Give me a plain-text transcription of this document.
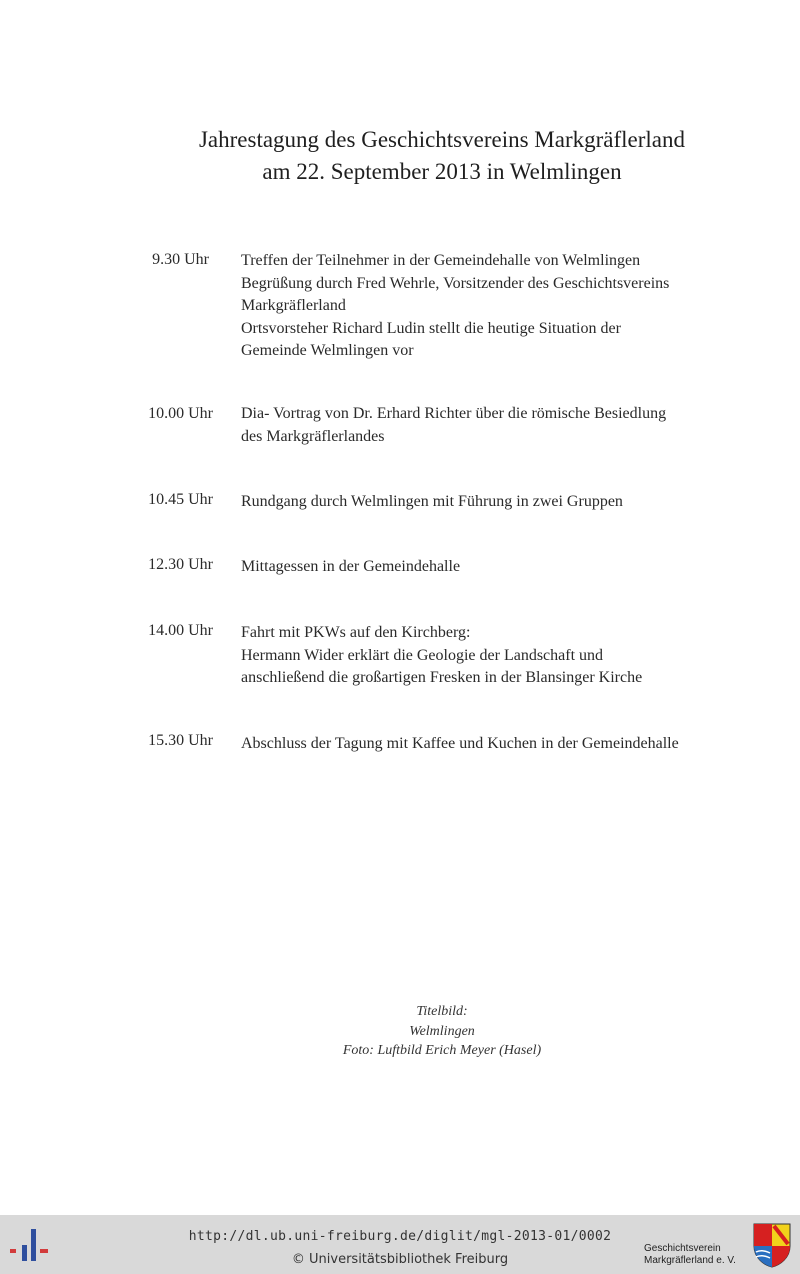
Jahrestagung des Geschichtsvereins Markgräflerland
am 22. September 2013 in Welmlingen
9.30 Uhr Treffen der Teilnehmer in der Gemeindehalle von Welmlingen
Begrüßung durch Fred Wehrle, Vorsitzender des Geschichtsvereins
Markgräflerland
Ortsvorsteher Richard Ludin stellt die heutige Situation der
Gemeinde Welmlingen vor
10.00 Uhr Dia- Vortrag von Dr. Erhard Richter über die römische Besiedlung
des Markgräflerlandes
10.45 Uhr Rundgang durch Welmlingen mit Führung in zwei Gruppen
12.30 Uhr Mittagessen in der Gemeindehalle
14.00 Uhr Fahrt mit PKWs auf den Kirchberg:
Hermann Wider erklärt die Geologie der Landschaft und
anschließend die großartigen Fresken in der Blansinger Kirche
15.30 Uhr Abschluss der Tagung mit Kaffee und Kuchen in der Gemeindehalle
Titelbild:
Welmlingen
Foto: Luftbild Erich Meyer (Hasel)
http://dl.ub.uni-freiburg.de/diglit/mgl-2013-01/0002
© Universitätsbibliothek Freiburg
Geschichtsverein
Markgräflerland e. V.
